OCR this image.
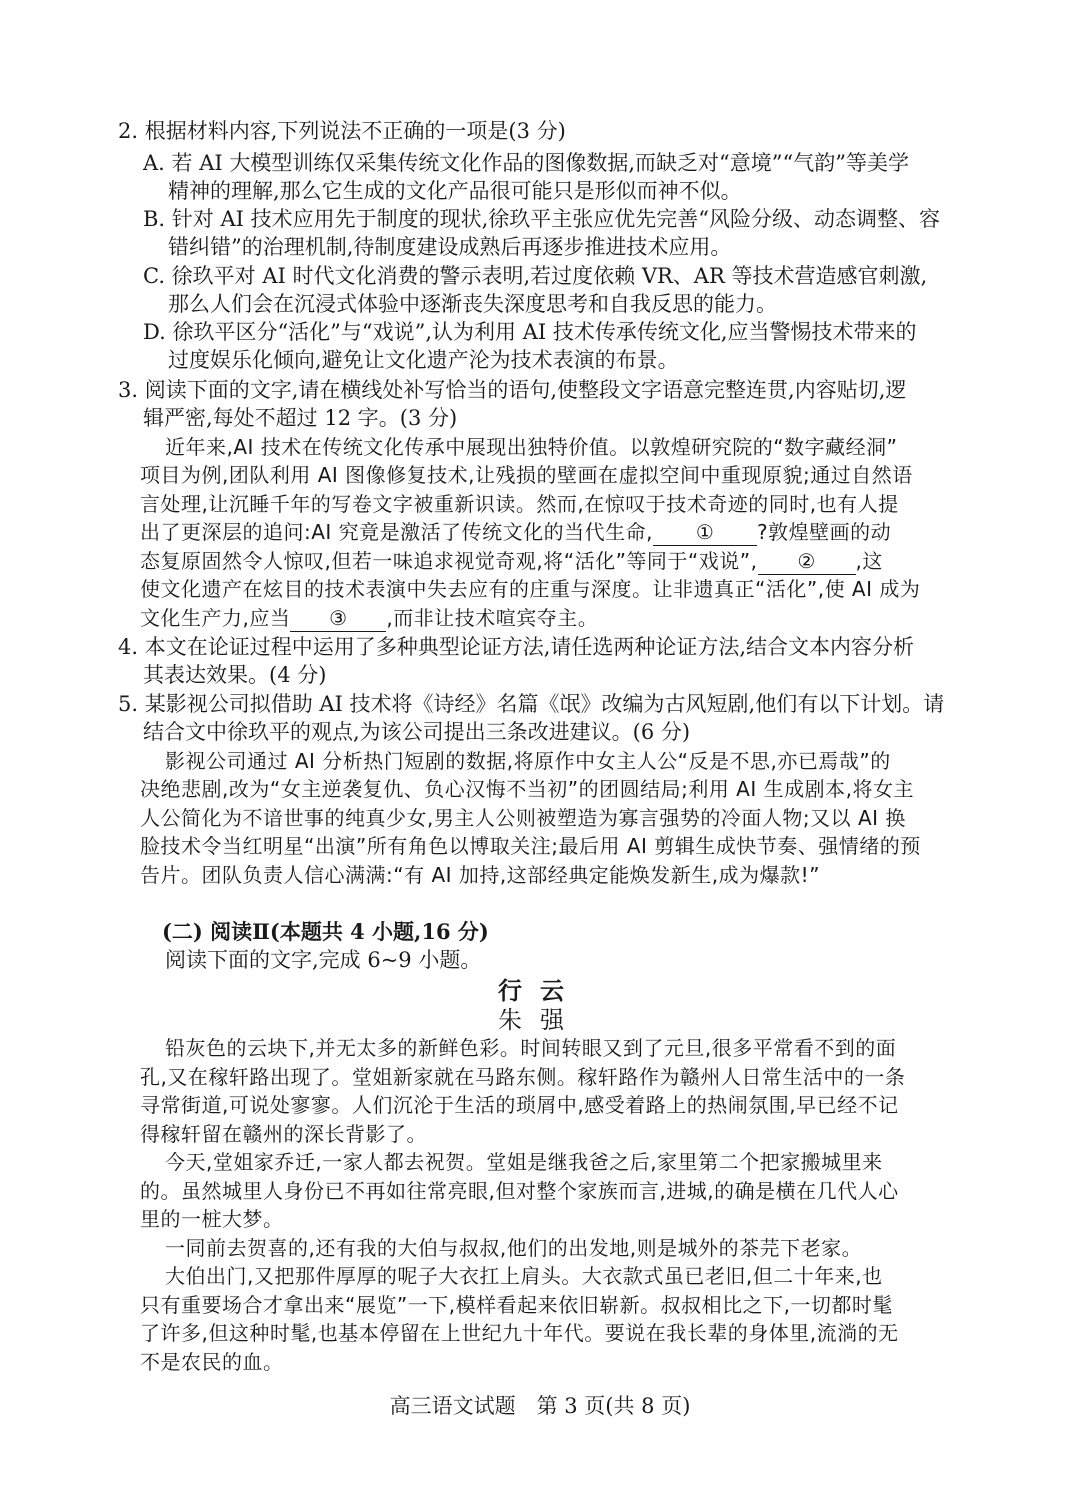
2. 根据材料内容,下列说法不正确的一项是(3 分)
A. 若 AI 大模型训练仅采集传统文化作品的图像数据,而缺乏对“意境”“气韵”等美学
精神的理解,那么它生成的文化产品很可能只是形似而神不似。
B. 针对 AI 技术应用先于制度的现状,徐玖平主张应优先完善“风险分级、动态调整、容
错纠错”的治理机制,待制度建设成熟后再逐步推进技术应用。
C. 徐玖平对 AI 时代文化消费的警示表明,若过度依赖 VR、AR 等技术营造感官刺激,
那么人们会在沉浸式体验中逐渐丧失深度思考和自我反思的能力。
D. 徐玖平区分“活化”与“戏说”,认为利用 AI 技术传承传统文化,应当警惕技术带来的
过度娱乐化倾向,避免让文化遗产沦为技术表演的布景。
3. 阅读下面的文字,请在横线处补写恰当的语句,使整段文字语意完整连贯,内容贴切,逻
辑严密,每处不超过 12 字。(3 分)
近年来,AI 技术在传统文化传承中展现出独特价值。以敦煌研究院的“数字藏经洞”
项目为例,团队利用 AI 图像修复技术,让残损的壁画在虚拟空间中重现原貌;通过自然语
言处理,让沉睡千年的写卷文字被重新识读。然而,在惊叹于技术奇迹的同时,也有人提
出了更深层的追问:AI 究竟是激活了传统文化的当代生命, ① ?敦煌壁画的动
态复原固然令人惊叹,但若一味追求视觉奇观,将“活化”等同于“戏说”, ② ,这
使文化遗产在炫目的技术表演中失去应有的庄重与深度。让非遗真正“活化”,使 AI 成为
文化生产力,应当 ③ ,而非让技术喧宾夺主。
4. 本文在论证过程中运用了多种典型论证方法,请任选两种论证方法,结合文本内容分析
其表达效果。(4 分)
5. 某影视公司拟借助 AI 技术将《诗经》名篇《氓》改编为古风短剧,他们有以下计划。请
结合文中徐玖平的观点,为该公司提出三条改进建议。(6 分)
影视公司通过 AI 分析热门短剧的数据,将原作中女主人公“反是不思,亦已焉哉”的
决绝悲剧,改为“女主逆袭复仇、负心汉悔不当初”的团圆结局;利用 AI 生成剧本,将女主
人公简化为不谙世事的纯真少女,男主人公则被塑造为寡言强势的冷面人物;又以 AI 换
脸技术令当红明星“出演”所有角色以博取关注;最后用 AI 剪辑生成快节奏、强情绪的预
告片。团队负责人信心满满:“有 AI 加持,这部经典定能焕发新生,成为爆款!”
(二) 阅读Ⅱ(本题共 4 小题,16 分)
阅读下面的文字,完成 6~9 小题。
行云
朱强
铅灰色的云块下,并无太多的新鲜色彩。时间转眼又到了元旦,很多平常看不到的面
孔,又在稼轩路出现了。堂姐新家就在马路东侧。稼轩路作为赣州人日常生活中的一条
寻常街道,可说处寥寥。人们沉沦于生活的琐屑中,感受着路上的热闹氛围,早已经不记
得稼轩留在赣州的深长背影了。
今天,堂姐家乔迁,一家人都去祝贺。堂姐是继我爸之后,家里第二个把家搬城里来
的。虽然城里人身份已不再如往常亮眼,但对整个家族而言,进城,的确是横在几代人心
里的一桩大梦。
一同前去贺喜的,还有我的大伯与叔叔,他们的出发地,则是城外的茶芫下老家。
大伯出门,又把那件厚厚的呢子大衣扛上肩头。大衣款式虽已老旧,但二十年来,也
只有重要场合才拿出来“展览”一下,模样看起来依旧崭新。叔叔相比之下,一切都时髦
了许多,但这种时髦,也基本停留在上世纪九十年代。要说在我长辈的身体里,流淌的无
不是农民的血。
高三语文试题　第 3 页(共 8 页)
